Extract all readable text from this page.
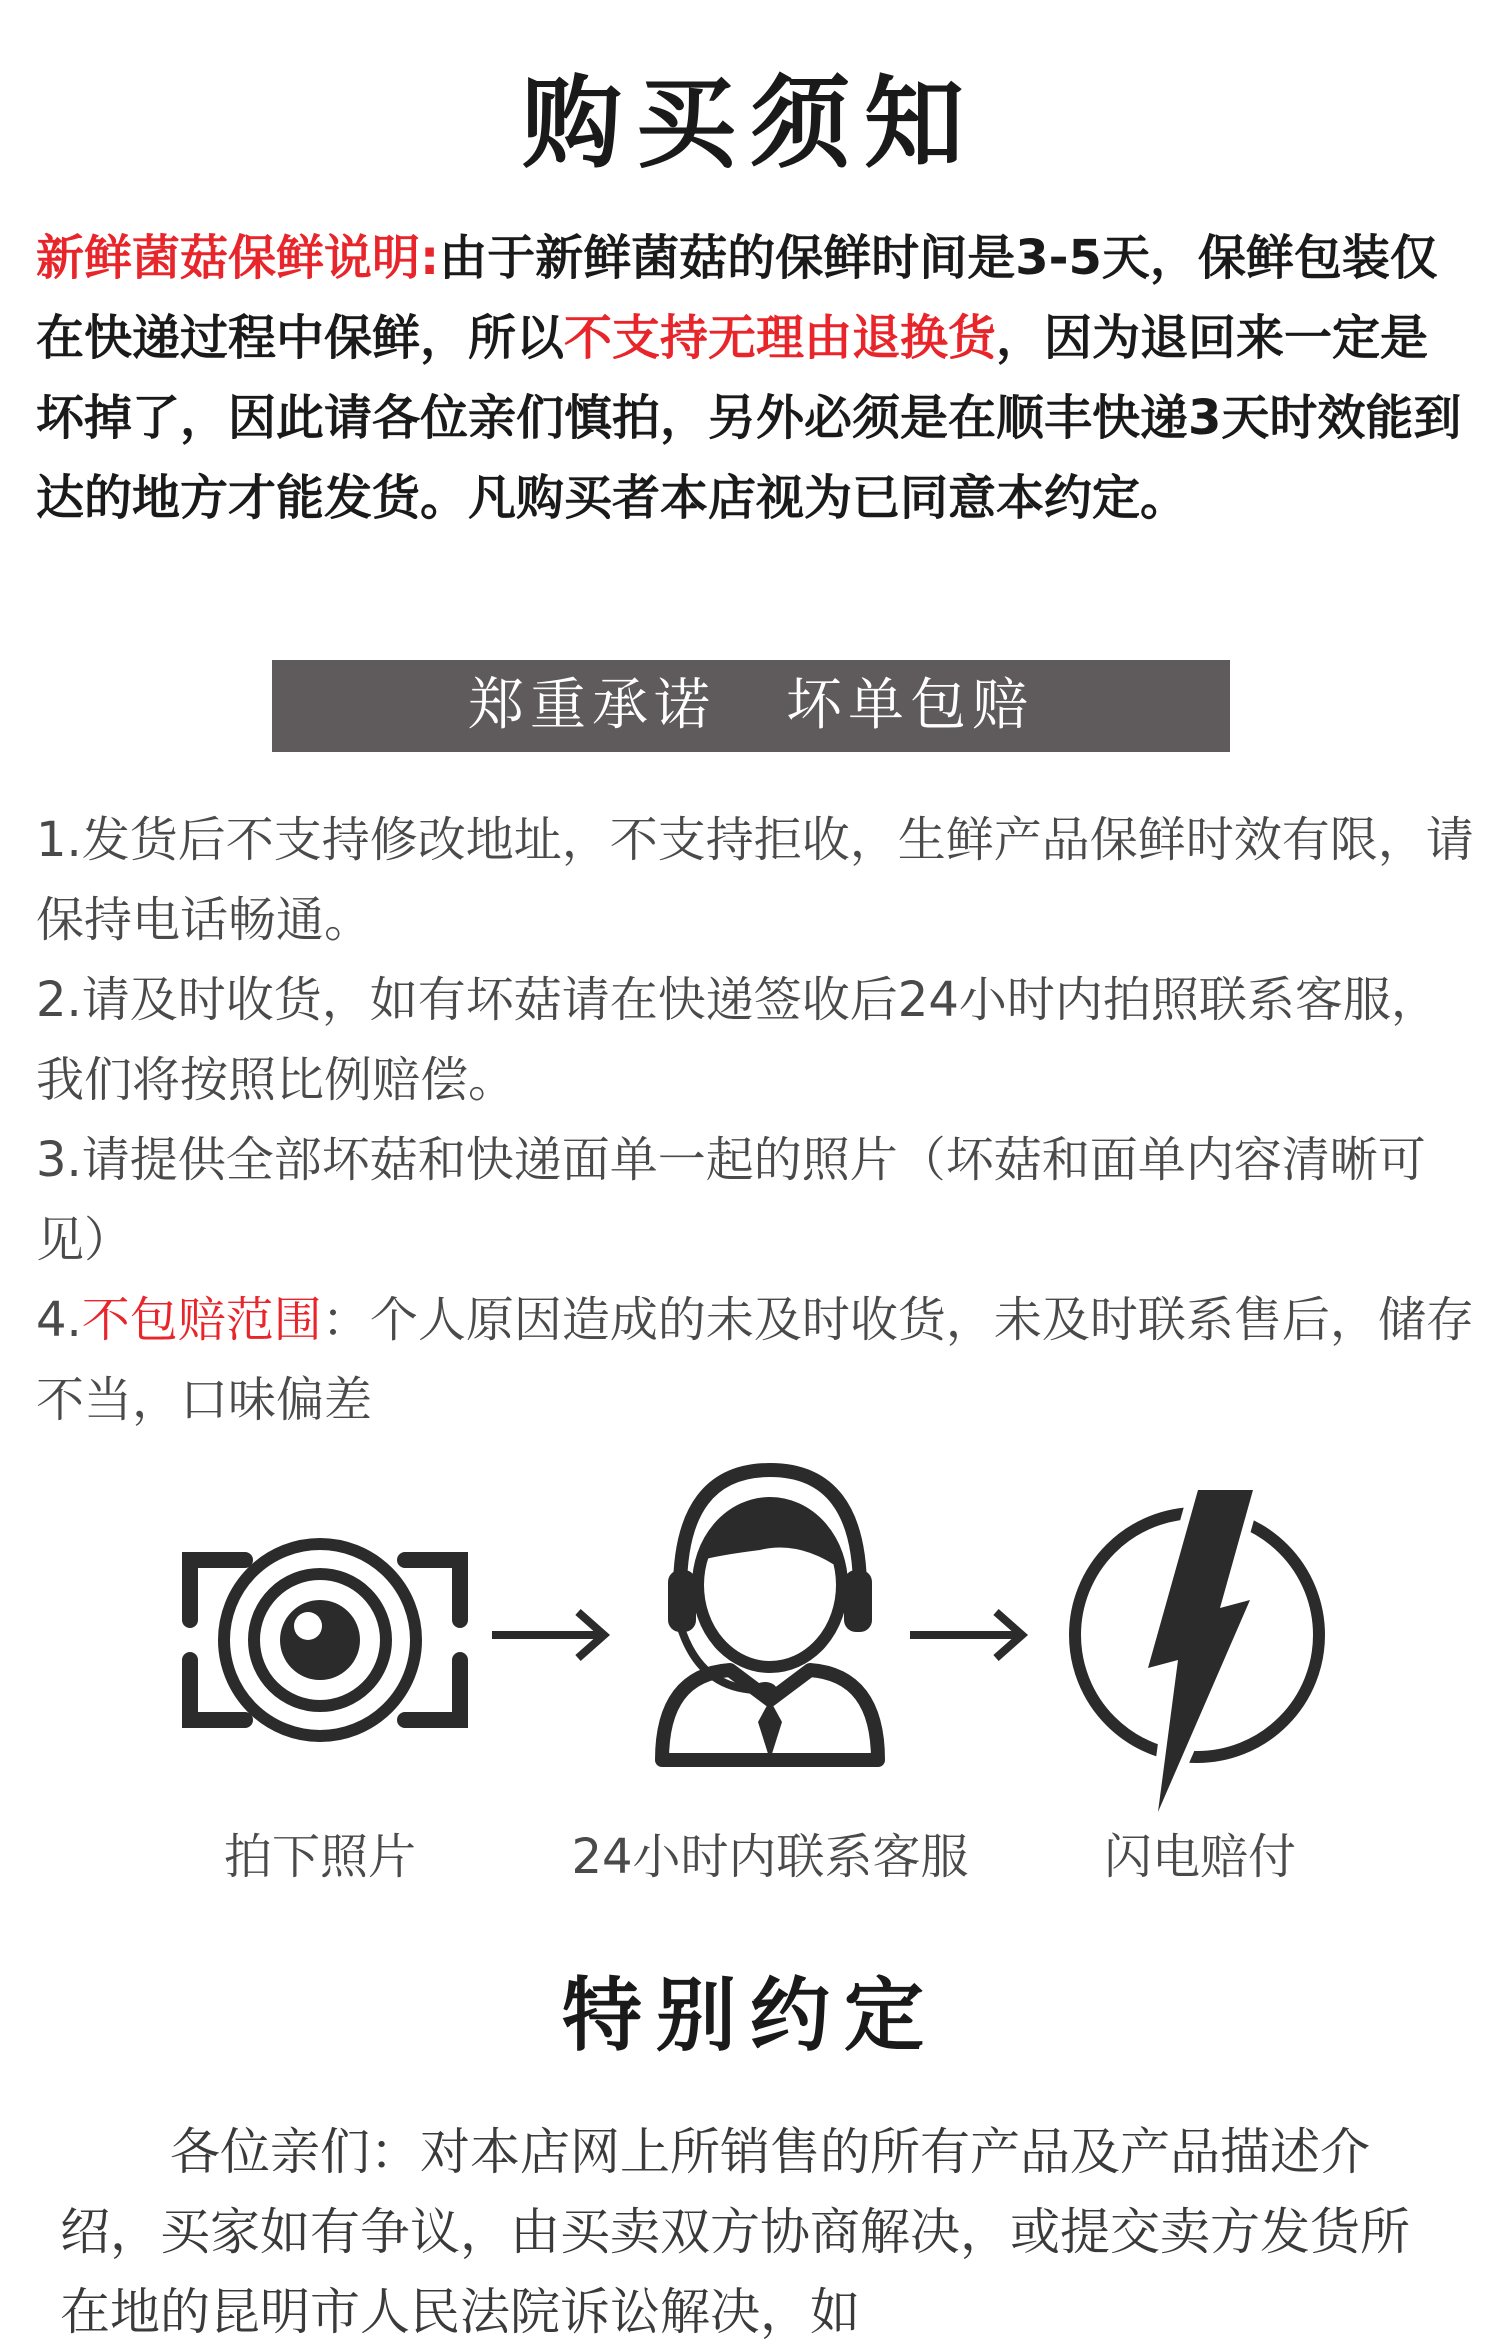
购买须知
新鲜菌菇保鲜说明:由于新鲜菌菇的保鲜时间是3-5天，保鲜包装仅在快递过程中保鲜，所以不支持无理由退换货，因为退回来一定是坏掉了，因此请各位亲们慎拍，另外必须是在顺丰快递3天时效能到达的地方才能发货。凡购买者本店视为已同意本约定。
郑重承诺 坏单包赔

1.发货后不支持修改地址，不支持拒收，生鲜产品保鲜时效有限，请保持电话畅通。

2.请及时收货，如有坏菇请在快递签收后24小时内拍照联系客服，我们将按照比例赔偿。

3.请提供全部坏菇和快递面单一起的照片（坏菇和面单内容清晰可见）

4.不包赔范围：个人原因造成的未及时收货，未及时联系售后，储存不当，口味偏差

拍下照片	24小时内联系客服	闪电赔付
特别约定
各位亲们：对本店网上所销售的所有产品及产品描述介绍，买家如有争议，由买卖双方协商解决，或提交卖方发货所在地的昆明市人民法院诉讼解决，如
